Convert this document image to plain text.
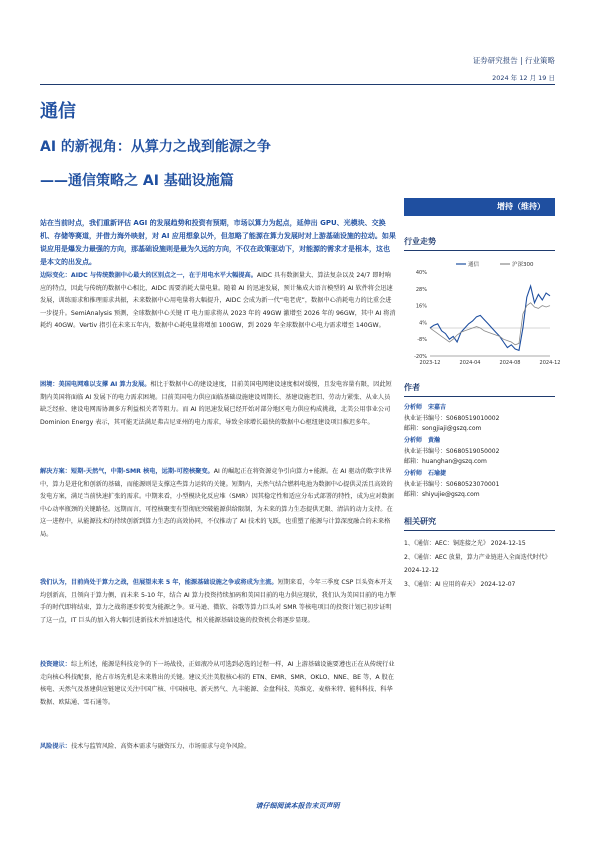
证券研究报告 | 行业策略
2024 年 12 月 19 日
通信
AI 的新视角：从算力之战到能源之争
——通信策略之 AI 基础设施篇
站在当前时点，我们重新评估 AGI 的发展趋势和投资有预期，市场以算力为起点，延伸出 GPU、光模块、交换机、存储等赛道，并借力海外映射，对 AI 应用想象以外，但忽略了能源在算力发展时对上游基础设施的拉动。如果说应用是爆发力最强的方向，那基础设施则是最为久远的方向，不仅在政策驱动下，对能源的需求才是根本，这也是本文的出发点。
边际变化：AIDC 与传统数据中心最大的区别点之一，在于用电水平大幅提高。AIDC 具有数据量大、算法复杂以及 24/7 即时响应的特点，因此与传统的数据中心相比，AIDC 需要消耗大量电量。随着 AI 的迅速发展，预计集成大语言模型的 AI 软件将会迅速发展，训练需求和推理需求共振，未来数据中心用电量将大幅提升，AIDC 会成为新一代“电老虎”，数据中心消耗电力的比重会进一步提升。SemiAnalysis 预测，全球数据中心关键 IT 电力需求将从 2023 年的 49GW 激增至 2026 年的 96GW，其中 AI 将消耗约 40GW。Vertiv 指引在未来五年内，数据中心耗电量将增加 100GW，到 2029 年全球数据中心电力需求增至 140GW。
困境：美国电网难以支撑 AI 算力发展。相比于数据中心的建设速度，目前美国电网建设速度相对缓慢，且发电容量有限，因此短期内美国将面临 AI 发展下的电力需求困境。目前美国电力供应面临基础设施建设周期长、基建设施老旧、劳动力紧张、从业人员缺乏经验、建设电网需协调多方利益相关者等阻力。而 AI 的迅速发展已经开始对部分地区电力供应构成挑战，北美公用事业公司 Dominion Energy 表示，其可能无法满足弗吉尼亚州的电力需求，导致全球增长最快的数据中心枢纽建设项目推迟多年。
解决方案：短期-天然气，中期-SMR 核电，远期-可控核聚变。AI 的崛起正在将资源竞争引向算力+能源。在 AI 驱动的数字世界中，算力是进化和创新的基础，而能源则是支撑这些算力运转的关键。短期内，天然气结合燃料电池为数据中心提供灵活且高效的发电方案，满足当前快速扩张的需求。中期来看，小型模块化反应堆（SMR）因其稳定性和适应分布式部署的特性，成为应对数据中心动率瓶颈的关键路径。远期而言，可控核聚变有望彻底突破能源供给限制，为未来的算力生态提供无限、清洁的动力支持。在这一进程中，从能源技术的持续创新到算力生态的高效协同，不仅推动了 AI 技术的飞跃，也重塑了能源与计算深度融合的未来格局。
我们认为，目前尚处于算力之战，但展望未来 5 年，能源基础设施之争或将成为主流。短期来看，今年三季度 CSP 巨头资本开支均创新高，且领向于算力侧，而未来 5-10 年，结合 AI 算力投资持续加码和美国目前的电力供应现状，我们认为美国目前的电力掣手的时代即将结束，算力之战将逐步转变为能源之争。亚马逊、微软、谷歌等算力巨头对 SMR 等核电项目的投资计划已初步证明了这一点，IT 巨头的加入将大幅引进新技术并加速迭代，相关能源基础设施的投资机会将逐步显现。
投资建议：综上所述，能源是科技竞争的下一场战役，正如液冷从可选到必选的过程一样，AI 上游基础设施要遵也正在从传统行业走向核心科技配套，抢占市场先机是未来胜出的关键。建议关注美股核心标的 ETN、EMR、SMR、OKLO、NNE、BE 等，A 股在核电、天然气及基建供应链建议关注中国广核、中国核电、新天然气、九丰能源、金盘科技、英维克、麦格米特、能科科技、科华数据、欧陆通、雪石通等。
风险提示：技术与监管风险、高资本需求与融资压力、市场需求与竞争风险。
增持（维持）
行业走势
40%
28%
16%
4%
-8%
-20%
2023-12	2024-04	2024-08	2024-12
通信	沪深300
作者
分析师 宋嘉吉
执业证书编号：S0680519010002
邮箱：songjiaji@gszq.com
分析师 黄瀚
执业证书编号：S0680519050002
邮箱：huanghan@gszq.com
分析师 石瑜捷
执业证书编号：S0680523070001
邮箱：shiyujie@gszq.com
相关研究
1、《通信：AEC：铜连接之光》 2024-12-15
2、《通信：AEC 放量，算力产业链进入全面迭代时代》 2024-12-12
3、《通信：AI 应用的春天》 2024-12-07
请仔细阅读本报告末页声明
